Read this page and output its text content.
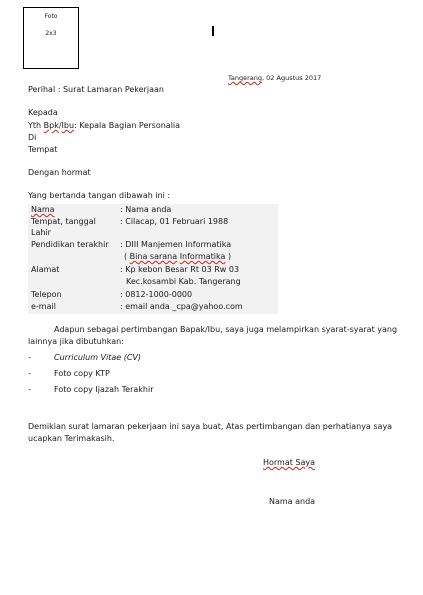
Foto
2x3
Tangerang, 02 Agustus 2017
Perihal : Surat Lamaran Pekerjaan
Kepada
Yth Bpk/Ibu: Kepala Bagian Personalia
Di
Tempat
Dengan hormat
Yang bertanda tangan dibawah ini :
Nama	: Nama anda
Tempat, tanggal
Lahir
: Cilacap, 01 Februari 1988
Pendidikan terakhir : DIII Manjemen Informatika
( Bina sarana Informatika )
Alamat	: Kp kebon Besar Rt 03 Rw 03
Kec.kosambi Kab. Tangerang
Telepon	: 0812-1000-0000
e-mail	: email anda _cpa@yahoo.com
Adapun sebagai pertimbangan Bapak/Ibu, saya juga melampirkan syarat-syarat yang
lainnya jika dibutuhkan:
-	Curriculum Vitae (CV)
-	Foto copy KTP
-	Foto copy Ijazah Terakhir
Demikian surat lamaran pekerjaan ini saya buat, Atas pertimbangan dan perhatianya saya
ucapkan Terimakasih.
Hormat Saya
Nama anda
